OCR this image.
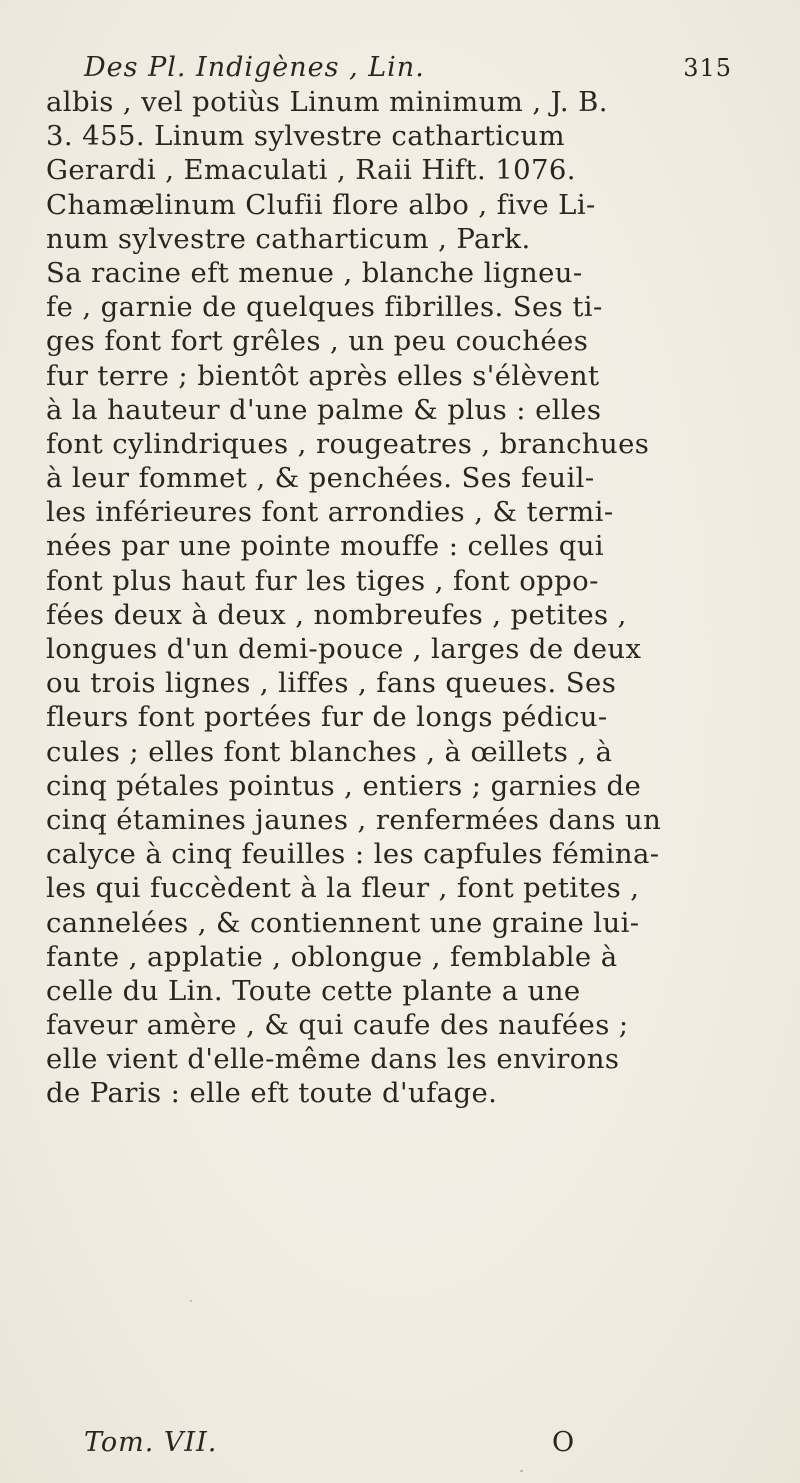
Des Pl. Indigènes , Lin.	315
albis , vel potiùs Linum minimum , J. B.
3. 455. Linum sylvestre catharticum
Gerardi , Emaculati , Raii Hift. 1076.
Chamælinum Clufii flore albo , five Li-
num sylvestre catharticum , Park.
Sa racine eft menue , blanche ligneu-
fe , garnie de quelques fibrilles. Ses ti-
ges font fort grêles , un peu couchées
fur terre ; bientôt après elles s'élèvent
à la hauteur d'une palme & plus : elles
font cylindriques , rougeatres , branchues
à leur fommet , & penchées. Ses feuil-
les inférieures font arrondies , & termi-
nées par une pointe mouffe : celles qui
font plus haut fur les tiges , font oppo-
fées deux à deux , nombreufes , petites ,
longues d'un demi-pouce , larges de deux
ou trois lignes , liffes , fans queues. Ses
fleurs font portées fur de longs pédicu-
cules ; elles font blanches , à œillets , à
cinq pétales pointus , entiers ; garnies de
cinq étamines jaunes , renfermées dans un
calyce à cinq feuilles : les capfules fémina-
les qui fuccèdent à la fleur , font petites ,
cannelées , & contiennent une graine lui-
fante , applatie , oblongue , femblable à
celle du Lin. Toute cette plante a une
faveur amère , & qui caufe des naufées ;
elle vient d'elle-même dans les environs
de Paris : elle eft toute d'ufage.
Tom. VII.	O
